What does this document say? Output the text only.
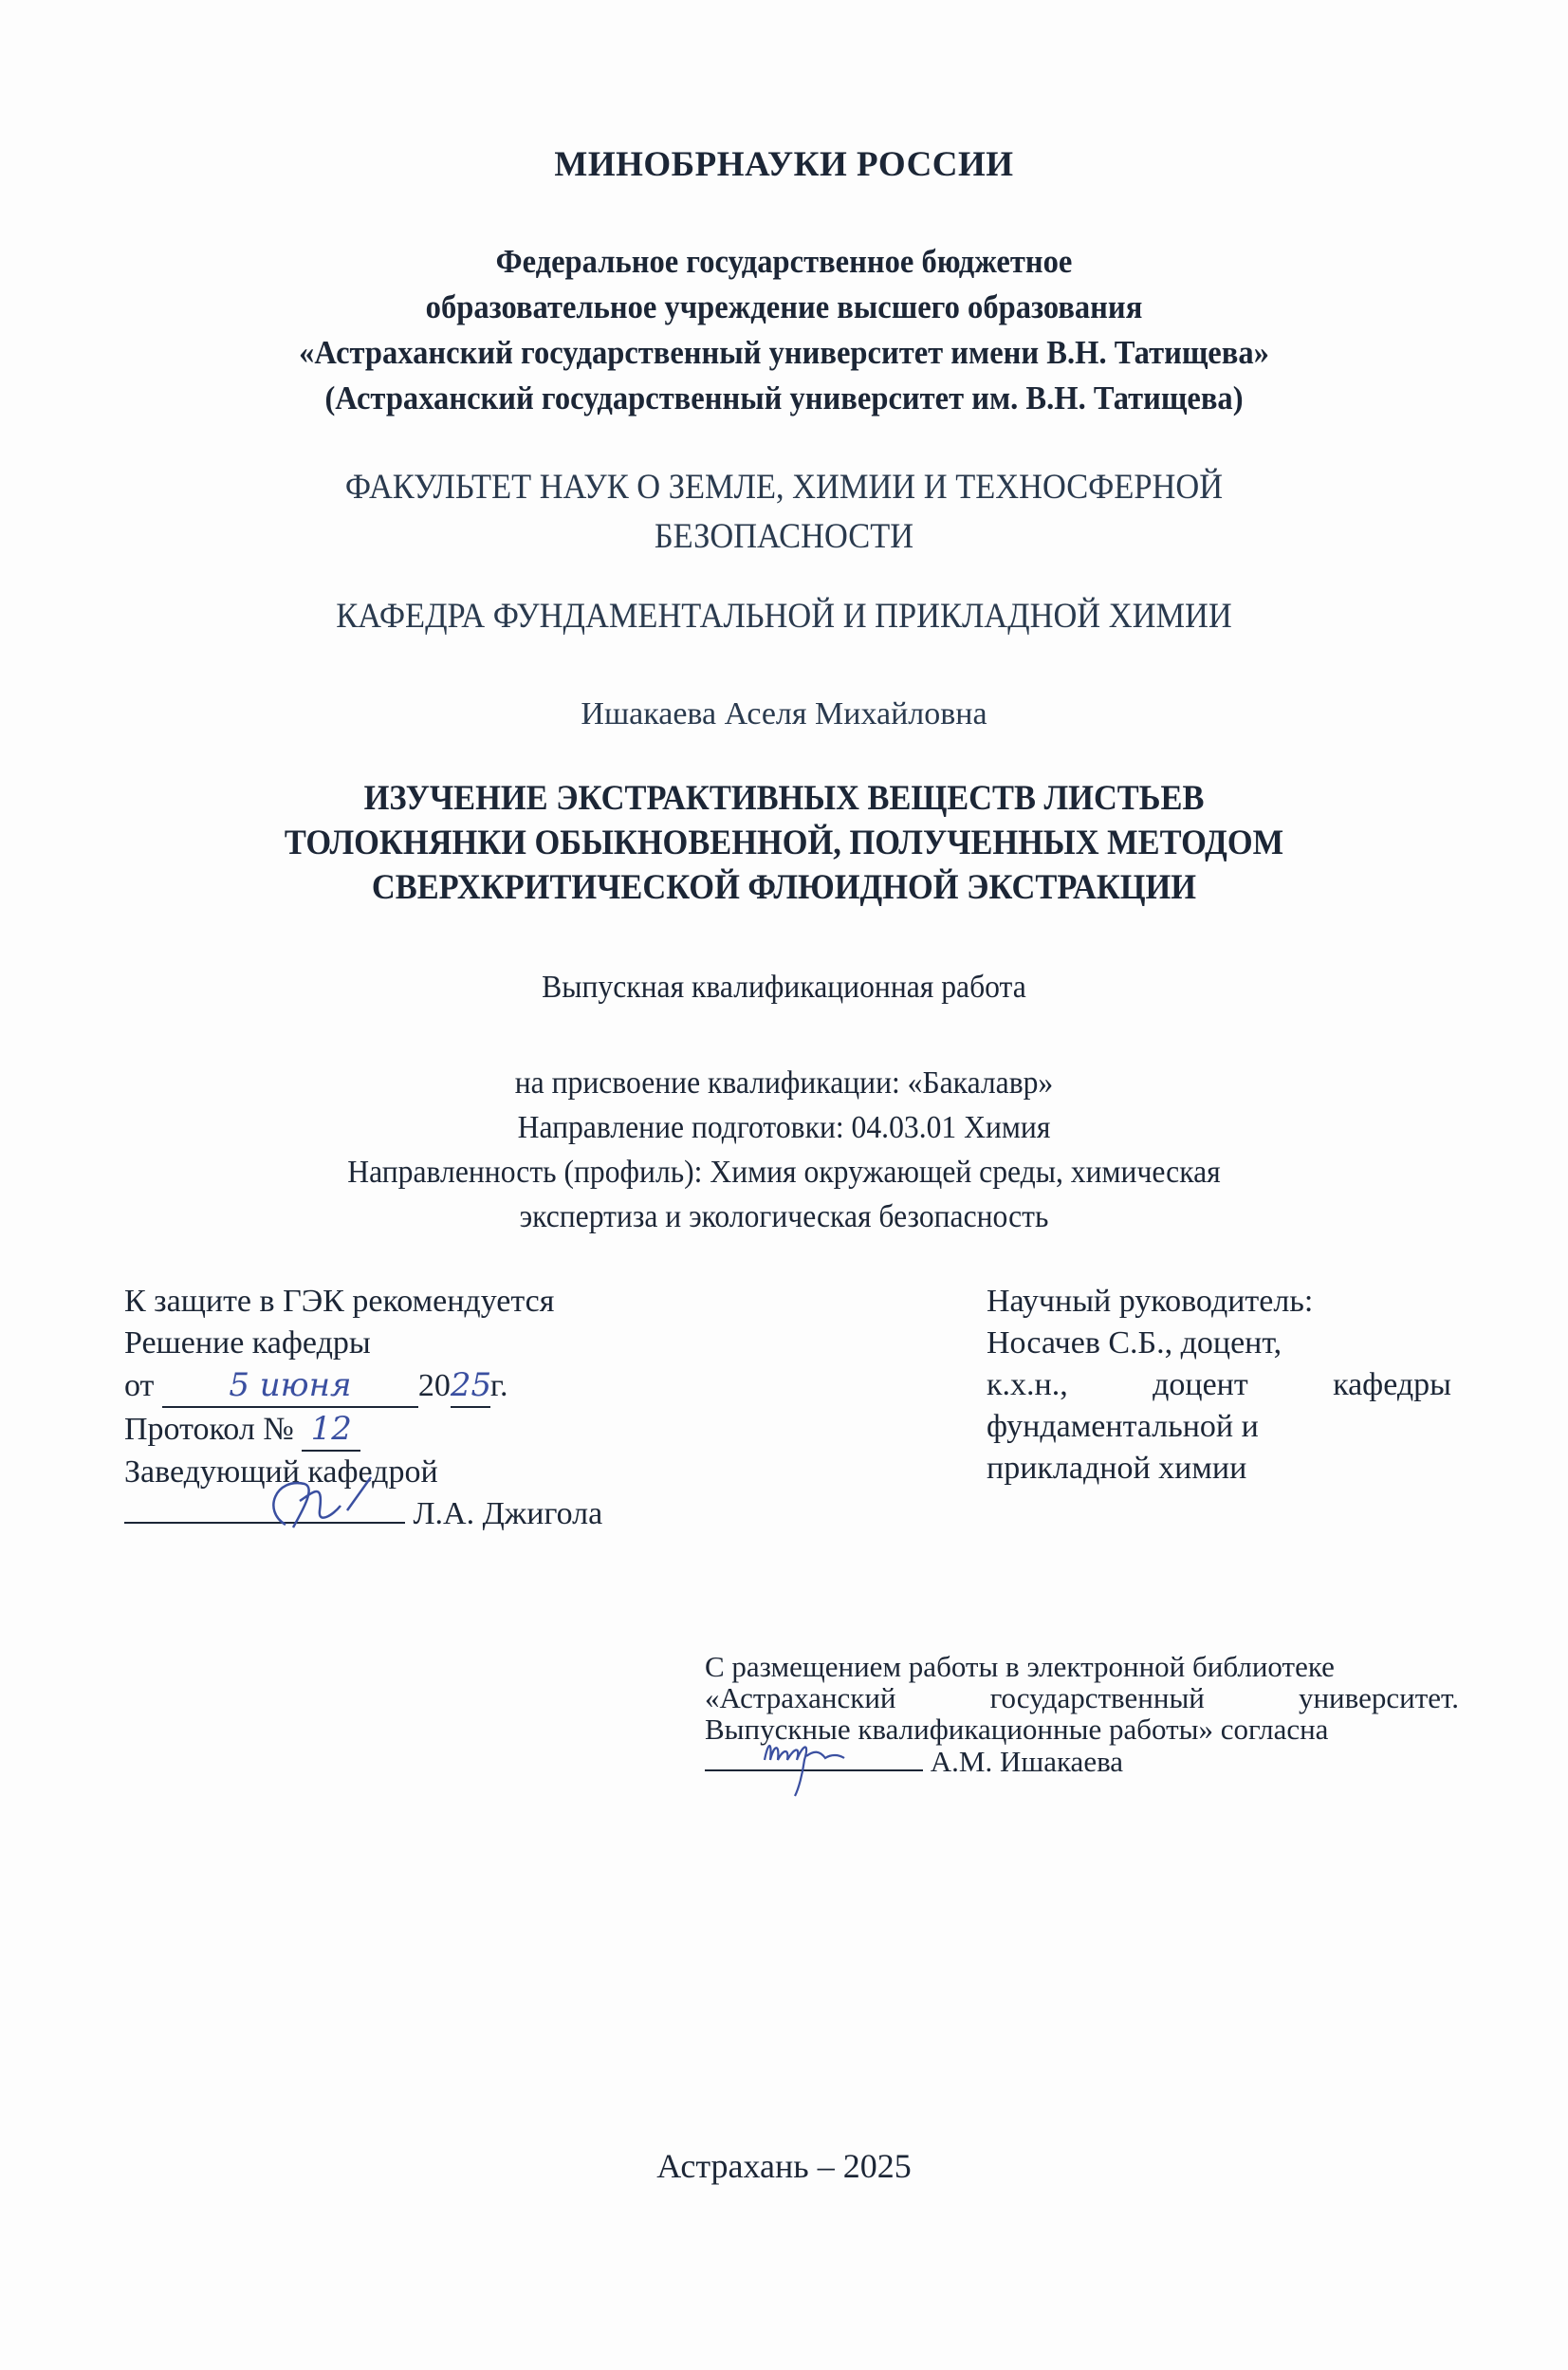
МИНОБРНАУКИ РОССИИ
Федеральное государственное бюджетное
образовательное учреждение высшего образования
«Астраханский государственный университет имени В.Н. Татищева»
(Астраханский государственный университет им. В.Н. Татищева)
ФАКУЛЬТЕТ НАУК О ЗЕМЛЕ, ХИМИИ И ТЕХНОСФЕРНОЙ
БЕЗОПАСНОСТИ
КАФЕДРА ФУНДАМЕНТАЛЬНОЙ И ПРИКЛАДНОЙ ХИМИИ
Ишакаева Аселя Михайловна
ИЗУЧЕНИЕ ЭКСТРАКТИВНЫХ ВЕЩЕСТВ ЛИСТЬЕВ
ТОЛОКНЯНКИ ОБЫКНОВЕННОЙ, ПОЛУЧЕННЫХ МЕТОДОМ
СВЕРХКРИТИЧЕСКОЙ ФЛЮИДНОЙ ЭКСТРАКЦИИ
Выпускная квалификационная работа
на присвоение квалификации: «Бакалавр»
Направление подготовки: 04.03.01 Химия
Направленность (профиль): Химия окружающей среды, химическая
экспертиза и экологическая безопасность
К защите в ГЭК рекомендуется
Решение кафедры
от 5 июня 2025г.
Протокол № 12
Заведующий кафедрой
Л.А. Джигола
Научный руководитель:
Носачев С.Б., доцент,
к.х.н.,	доцент	кафедры
фундаментальной и
прикладной химии
С размещением работы в электронной библиотеке
«Астраханский	государственный	университет.
Выпускные квалификационные работы» согласна
А.М. Ишакаева
Астрахань – 2025
